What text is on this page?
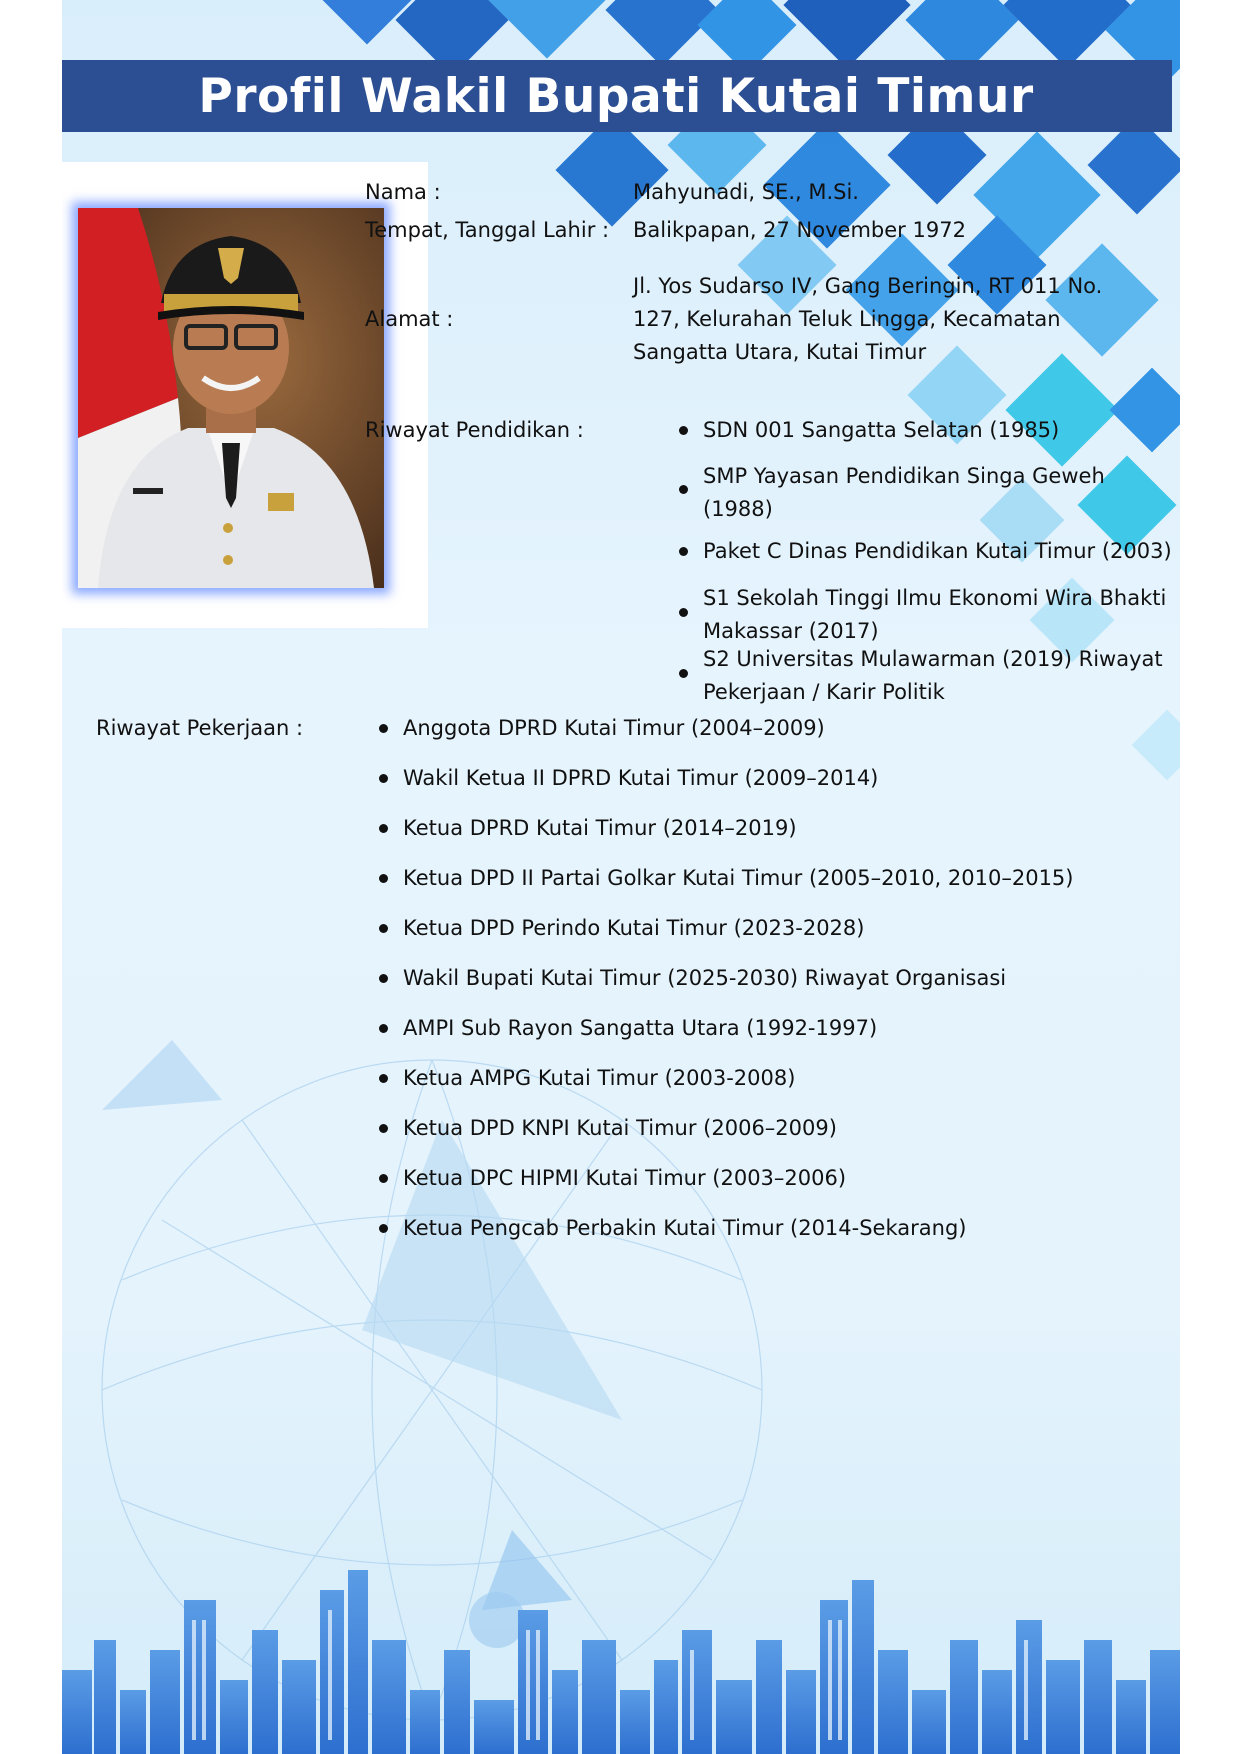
Profil Wakil Bupati Kutai Timur
Nama :	Mahyunadi, SE., M.Si.
Tempat, Tanggal Lahir : Balikpapan, 27 November 1972
Alamat :
Jl. Yos Sudarso IV, Gang Beringin, RT 011 No.
127, Kelurahan Teluk Lingga, Kecamatan
Sangatta Utara, Kutai Timur
Riwayat Pendidikan :	SDN 001 Sangatta Selatan (1985)
SMP Yayasan Pendidikan Singa Geweh
(1988)
Paket C Dinas Pendidikan Kutai Timur (2003)
S1 Sekolah Tinggi Ilmu Ekonomi Wira Bhakti
Makassar (2017)
S2 Universitas Mulawarman (2019) Riwayat
Pekerjaan / Karir Politik
Riwayat Pekerjaan :	Anggota DPRD Kutai Timur (2004–2009)
Wakil Ketua II DPRD Kutai Timur (2009–2014)
Ketua DPRD Kutai Timur (2014–2019)
Ketua DPD II Partai Golkar Kutai Timur (2005–2010, 2010–2015)
Ketua DPD Perindo Kutai Timur (2023-2028)
Wakil Bupati Kutai Timur (2025-2030) Riwayat Organisasi
AMPI Sub Rayon Sangatta Utara (1992-1997)
Ketua AMPG Kutai Timur (2003-2008)
Ketua DPD KNPI Kutai Timur (2006–2009)
Ketua DPC HIPMI Kutai Timur (2003–2006)
Ketua Pengcab Perbakin Kutai Timur (2014-Sekarang)
